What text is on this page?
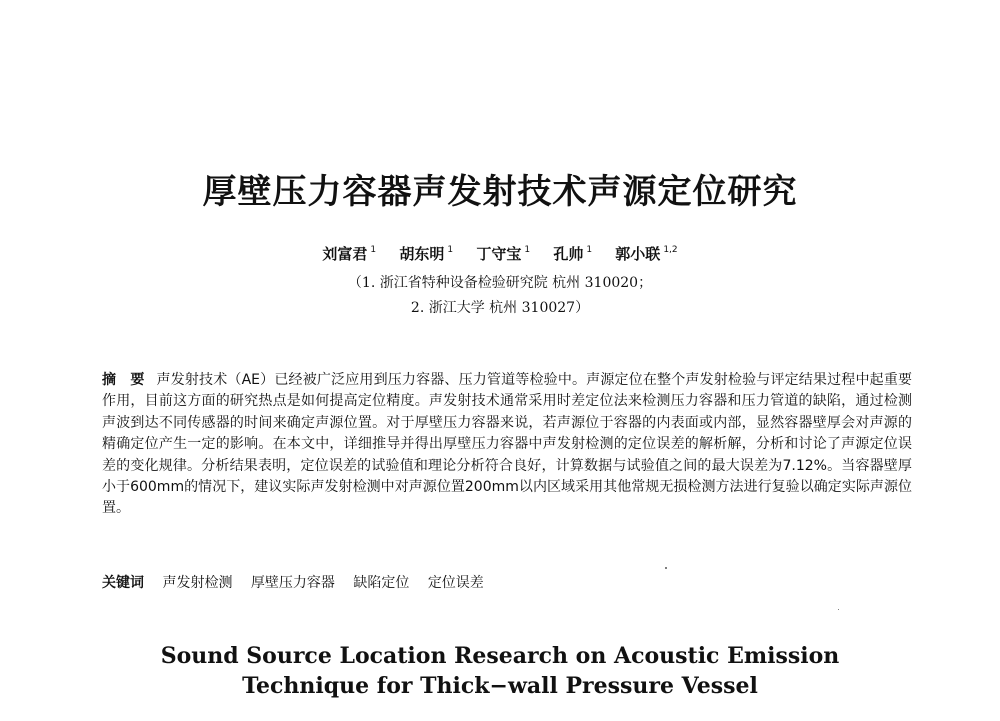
厚壁压力容器声发射技术声源定位研究
刘富君 $^1$ 胡东明 $^1$ 丁守宝 $^1$ 孔帅 $^1$ 郭小联 $^{1,2}$
（1. 浙江省特种设备检验研究院 杭州 310020；
2. 浙江大学 杭州 310027）
摘　要 声发射技术（AE）已经被广泛应用到压力容器、压力管道等检验中。声源定位在整个声发射检验与评定结果过程中起重要作用，目前这方面的研究热点是如何提高定位精度。声发射技术通常采用时差定位法来检测压力容器和压力管道的缺陷，通过检测声波到达不同传感器的时间来确定声源位置。对于厚壁压力容器来说，若声源位于容器的内表面或内部，显然容器壁厚会对声源的精确定位产生一定的影响。在本文中，详细推导并得出厚壁压力容器中声发射检测的定位误差的解析解，分析和讨论了声源定位误差的变化规律。分析结果表明，定位误差的试验值和理论分析符合良好，计算数据与试验值之间的最大误差为7.12%。当容器壁厚小于600mm的情况下，建议实际声发射检测中对声源位置200mm以内区域采用其他常规无损检测方法进行复验以确定实际声源位置。
关键词 声发射检测 厚壁压力容器 缺陷定位 定位误差
Sound Source Location Research on Acoustic Emission
Technique for Thick−wall Pressure Vessel
